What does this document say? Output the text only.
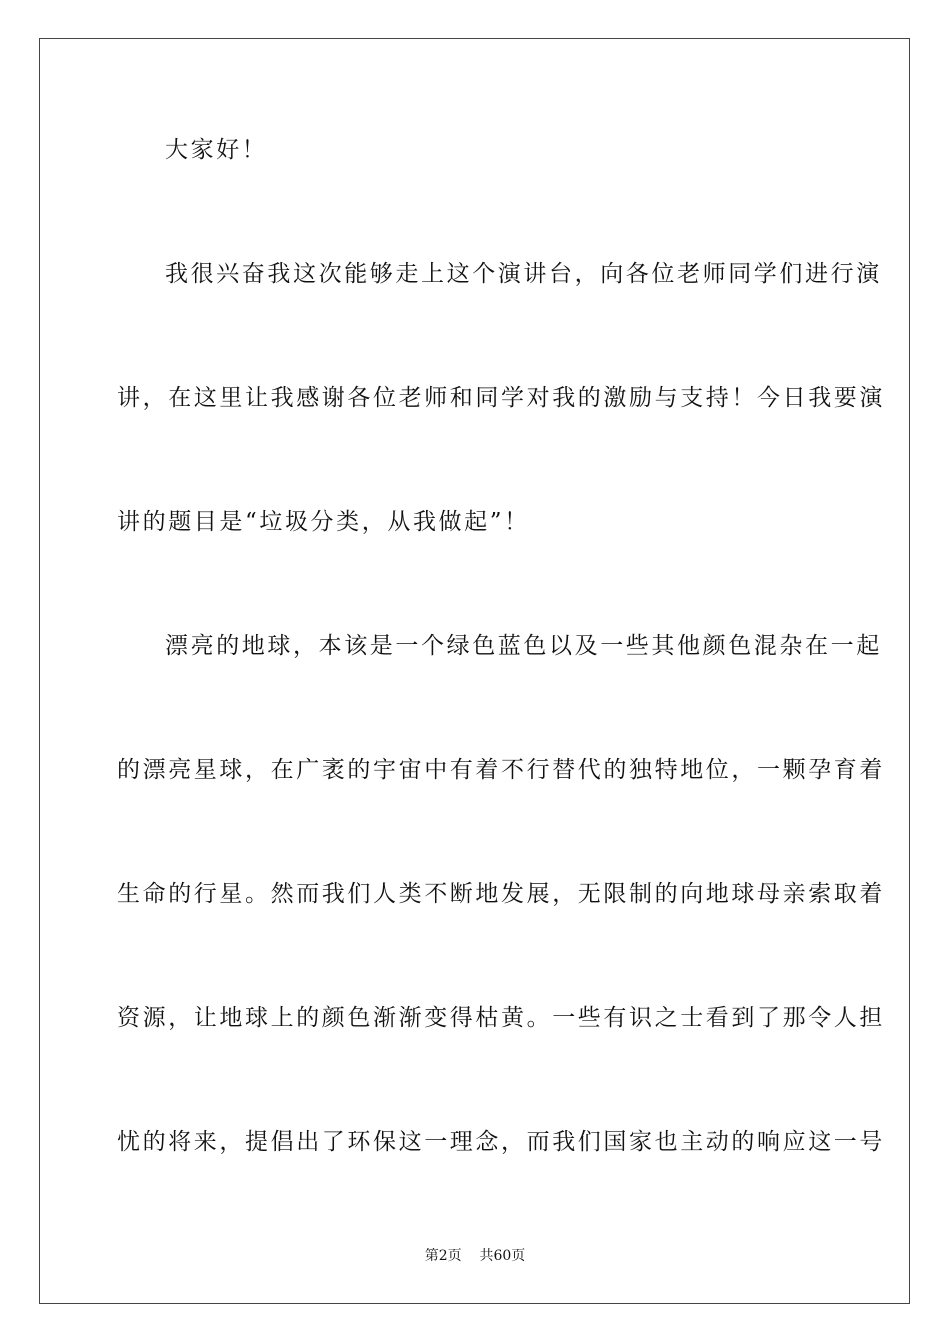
大家好！
我很兴奋我这次能够走上这个演讲台，向各位老师同学们进行演
讲，在这里让我感谢各位老师和同学对我的激励与支持！今日我要演
讲的题目是“垃圾分类，从我做起”！
漂亮的地球，本该是一个绿色蓝色以及一些其他颜色混杂在一起
的漂亮星球，在广袤的宇宙中有着不行替代的独特地位，一颗孕育着
生命的行星。然而我们人类不断地发展，无限制的向地球母亲索取着
资源，让地球上的颜色渐渐变得枯黄。一些有识之士看到了那令人担
忧的将来，提倡出了环保这一理念，而我们国家也主动的响应这一号
第2页    共60页
